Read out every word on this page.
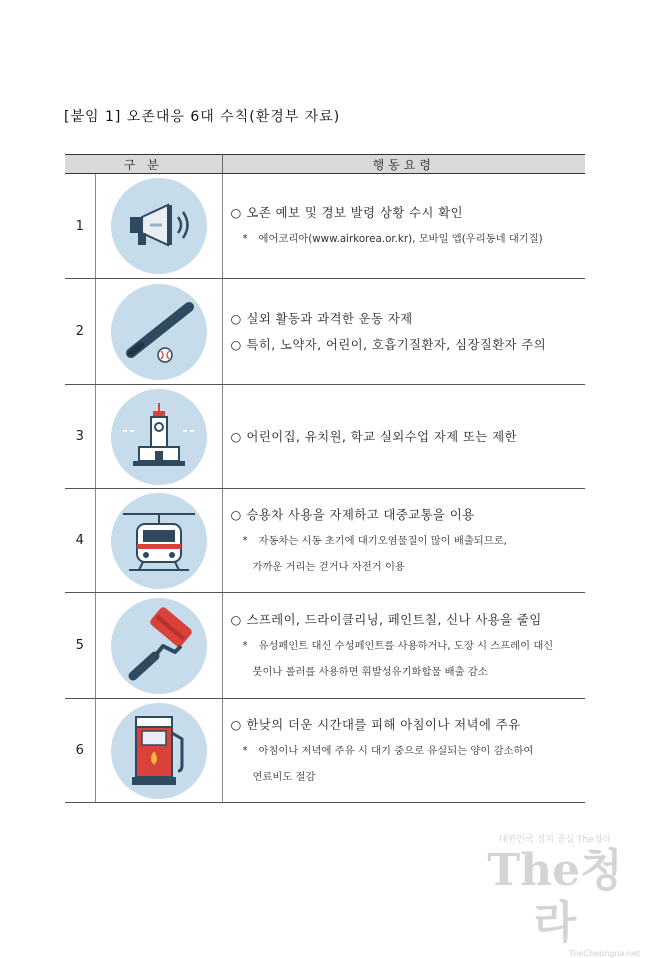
[붙임 1] 오존대응 6대 수칙(환경부 자료)
구 분		행동요령
1		○ 오존 예보 및 경보 발령 상황 수시 확인
* 에어코리아(www.airkorea.or.kr), 모바일 앱(우리동네 대기질)

2		○ 실외 활동과 과격한 운동 자제
○ 특히, 노약자, 어린이, 호흡기질환자, 심장질환자 주의

3		○ 어린이집, 유치원, 학교 실외수업 자제 또는 제한

4		○ 승용차 사용을 자제하고 대중교통을 이용
* 자동차는 시동 초기에 대기오염물질이 많이 배출되므로,
가까운 거리는 걷거나 자전거 이용

5		○ 스프레이, 드라이클리닝, 페인트칠, 신나 사용을 줄임
* 유성페인트 대신 수성페인트를 사용하거나, 도장 시 스프레이 대신
붓이나 롤러를 사용하면 휘발성유기화합물 배출 감소

6		○ 한낮의 더운 시간대를 피해 아침이나 저녁에 주유
* 아침이나 저녁에 주유 시 대기 중으로 유실되는 양이 감소하여
연료비도 절감
대한민국 정치 중심 The청라
The청라
TheCheongna.net
